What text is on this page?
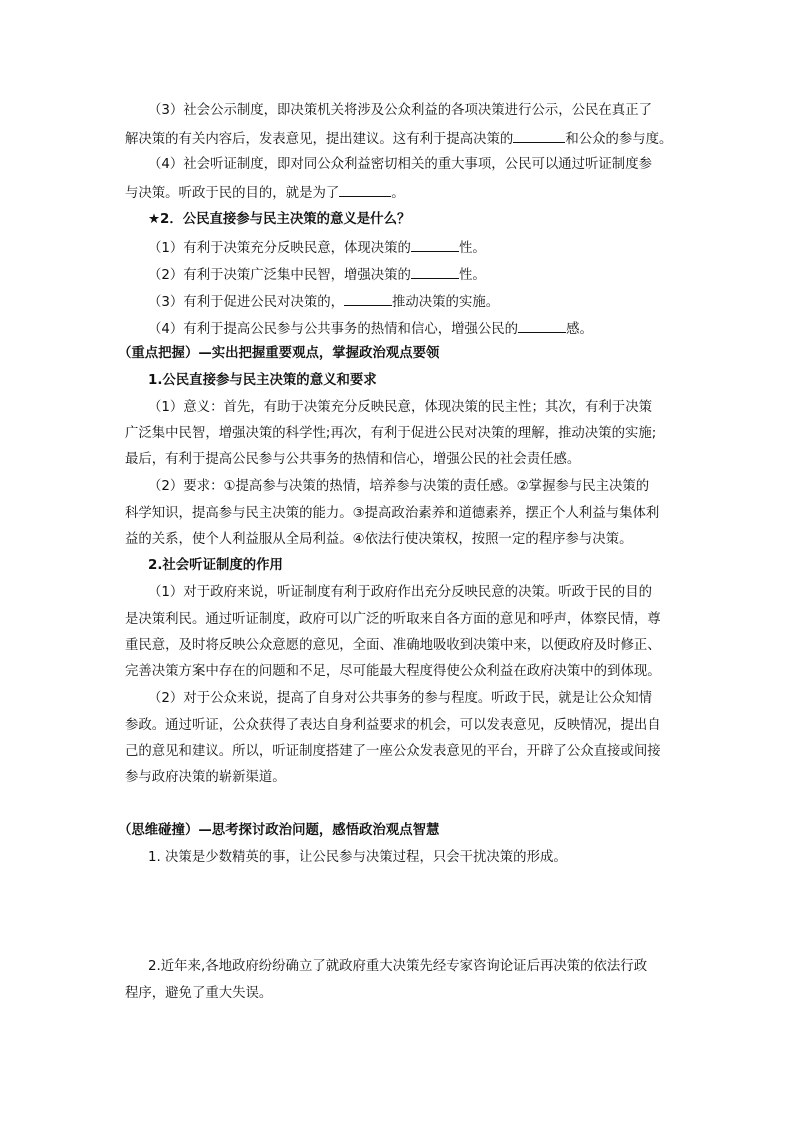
（3）社会公示制度，即决策机关将涉及公众利益的各项决策进行公示，公民在真正了
解决策的有关内容后，发表意见，提出建议。这有利于提高决策的	和公众的参与度。
（4）社会听证制度，即对同公众利益密切相关的重大事项，公民可以通过听证制度参
与决策。听政于民的目的，就是为了	。
★2．公民直接参与民主决策的意义是什么？
（1）有利于决策充分反映民意，体现决策的	性。
（2）有利于决策广泛集中民智，增强决策的	性。
（3）有利于促进公民对决策的，	推动决策的实施。
（4）有利于提高公民参与公共事务的热情和信心，增强公民的	感。
（重点把握）—实出把握重要观点，掌握政治观点要领
1.公民直接参与民主决策的意义和要求
（1）意义：首先，有助于决策充分反映民意，体现决策的民主性；其次，有利于决策
广泛集中民智，增强决策的科学性;再次，有利于促进公民对决策的理解，推动决策的实施;
最后，有利于提高公民参与公共事务的热情和信心，增强公民的社会责任感。
（2）要求：①提高参与决策的热情，培养参与决策的责任感。②掌握参与民主决策的
科学知识，提高参与民主决策的能力。③提高政治素养和道德素养，摆正个人利益与集体利
益的关系，使个人利益服从全局利益。④依法行使决策权，按照一定的程序参与决策。
2.社会听证制度的作用
（1）对于政府来说，听证制度有利于政府作出充分反映民意的决策。听政于民的目的
是决策利民。通过听证制度，政府可以广泛的听取来自各方面的意见和呼声，体察民情，尊
重民意，及时将反映公众意愿的意见，全面、准确地吸收到决策中来，以便政府及时修正、
完善决策方案中存在的问题和不足，尽可能最大程度得使公众利益在政府决策中的到体现。
（2）对于公众来说，提高了自身对公共事务的参与程度。听政于民，就是让公众知情
参政。通过听证，公众获得了表达自身利益要求的机会，可以发表意见，反映情况，提出自
己的意见和建议。所以，听证制度搭建了一座公众发表意见的平台，开辟了公众直接或间接
参与政府决策的崭新渠道。
（思维碰撞）—思考探讨政治问题，感悟政治观点智慧
1. 决策是少数精英的事，让公民参与决策过程，只会干扰决策的形成。
2.近年来,各地政府纷纷确立了就政府重大决策先经专家咨询论证后再决策的依法行政
程序，避免了重大失误。
